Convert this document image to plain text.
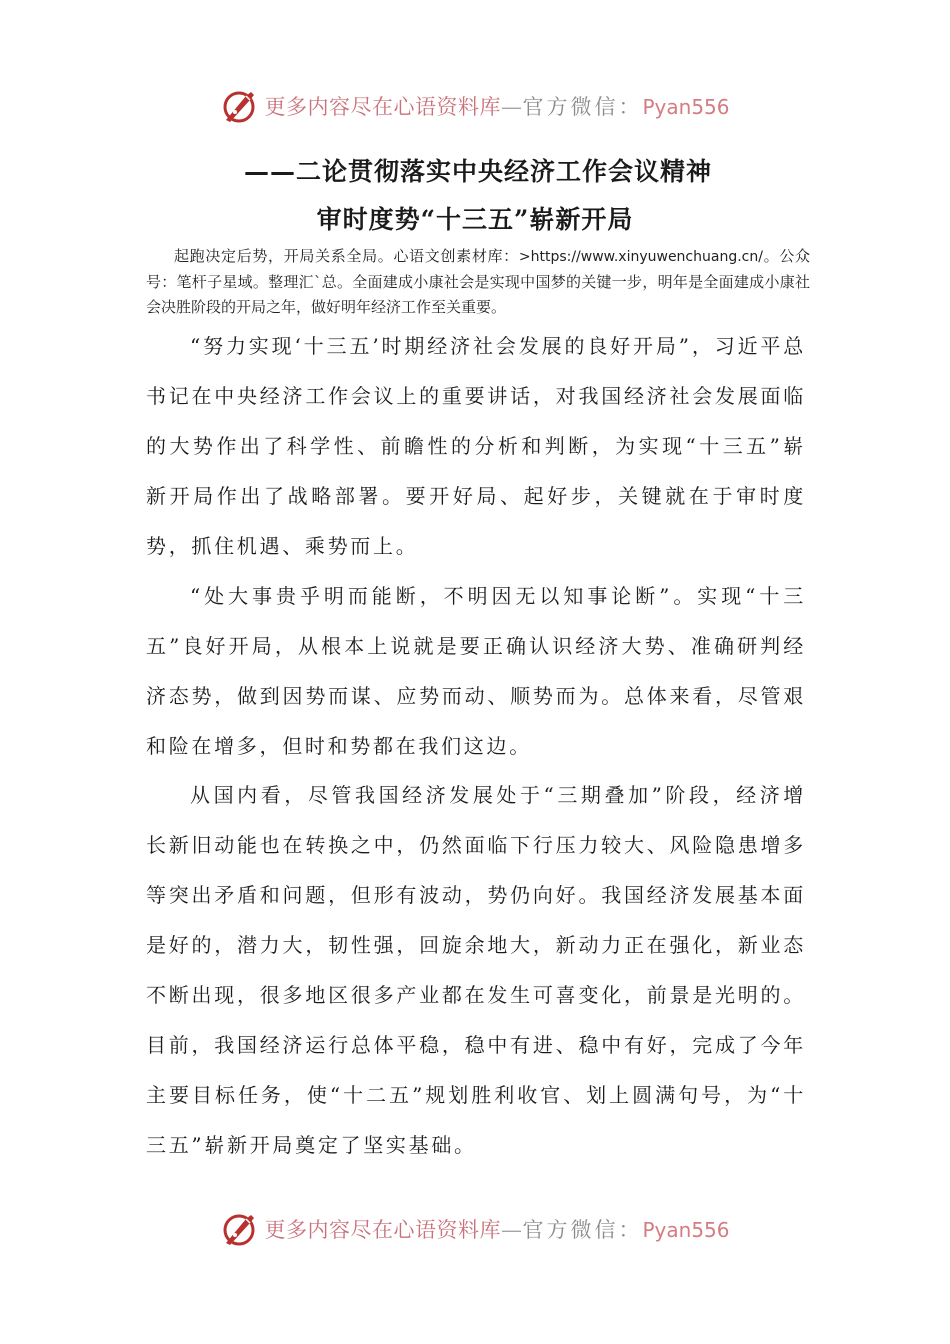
更多内容尽在心语资料库—官方微信：Pyan556
——二论贯彻落实中央经济工作会议精神
审时度势“十三五”崭新开局
起跑决定后势，开局关系全局。心语文创素材库：>https://www.xinyuwenchuang.cn/。公众号：笔杆子星域。整理汇`总。全面建成小康社会是实现中国梦的关键一步，明年是全面建成小康社会决胜阶段的开局之年，做好明年经济工作至关重要。

“努力实现‘十三五’时期经济社会发展的良好开局”，习近平总书记在中央经济工作会议上的重要讲话，对我国经济社会发展面临的大势作出了科学性、前瞻性的分析和判断，为实现“十三五”崭新开局作出了战略部署。要开好局、起好步，关键就在于审时度势，抓住机遇、乘势而上。

“处大事贵乎明而能断，不明因无以知事论断”。实现“十三五”良好开局，从根本上说就是要正确认识经济大势、准确研判经济态势，做到因势而谋、应势而动、顺势而为。总体来看，尽管艰和险在增多，但时和势都在我们这边。

从国内看，尽管我国经济发展处于“三期叠加”阶段，经济增长新旧动能也在转换之中，仍然面临下行压力较大、风险隐患增多等突出矛盾和问题，但形有波动，势仍向好。我国经济发展基本面是好的，潜力大，韧性强，回旋余地大，新动力正在强化，新业态不断出现，很多地区很多产业都在发生可喜变化，前景是光明的。目前，我国经济运行总体平稳，稳中有进、稳中有好，完成了今年主要目标任务，使“十二五”规划胜利收官、划上圆满句号，为“十三五”崭新开局奠定了坚实基础。

更多内容尽在心语资料库—官方微信：Pyan556
